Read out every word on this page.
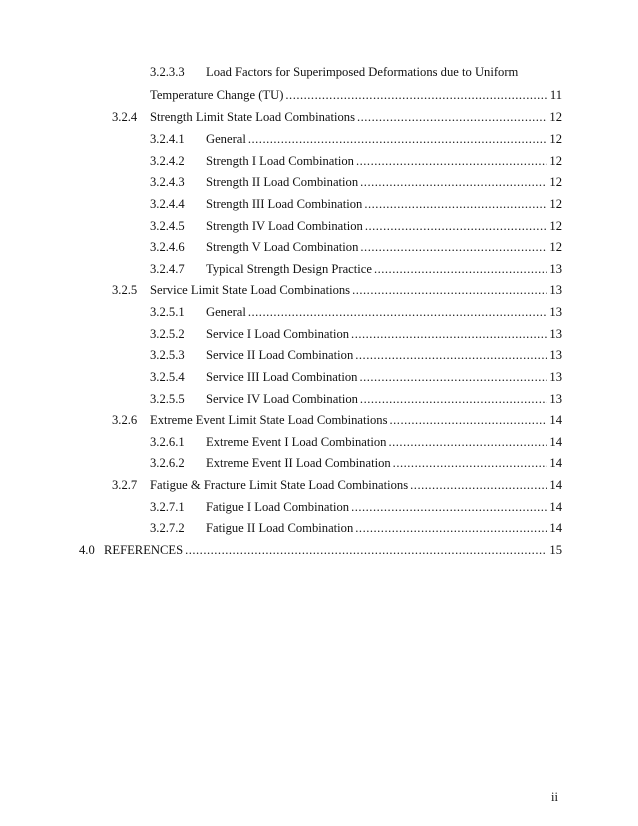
3.2.3.3 Load Factors for Superimposed Deformations due to Uniform
Temperature Change (TU) .....	11
3.2.4 Strength Limit State Load Combinations .....	12
3.2.4.1 General .....	12
3.2.4.2 Strength I Load Combination .....	12
3.2.4.3 Strength II Load Combination .....	12
3.2.4.4 Strength III Load Combination .....	12
3.2.4.5 Strength IV Load Combination .....	12
3.2.4.6 Strength V Load Combination .....	12
3.2.4.7 Typical Strength Design Practice .....	13
3.2.5 Service Limit State Load Combinations .....	13
3.2.5.1 General .....	13
3.2.5.2 Service I Load Combination .....	13
3.2.5.3 Service II Load Combination .....	13
3.2.5.4 Service III Load Combination .....	13
3.2.5.5 Service IV Load Combination .....	13
3.2.6 Extreme Event Limit State Load Combinations .....	14
3.2.6.1 Extreme Event I Load Combination .....	14
3.2.6.2 Extreme Event II Load Combination .....	14
3.2.7 Fatigue & Fracture Limit State Load Combinations .....	14
3.2.7.1 Fatigue I Load Combination .....	14
3.2.7.2 Fatigue II Load Combination .....	14
4.0 REFERENCES .....	15
ii
